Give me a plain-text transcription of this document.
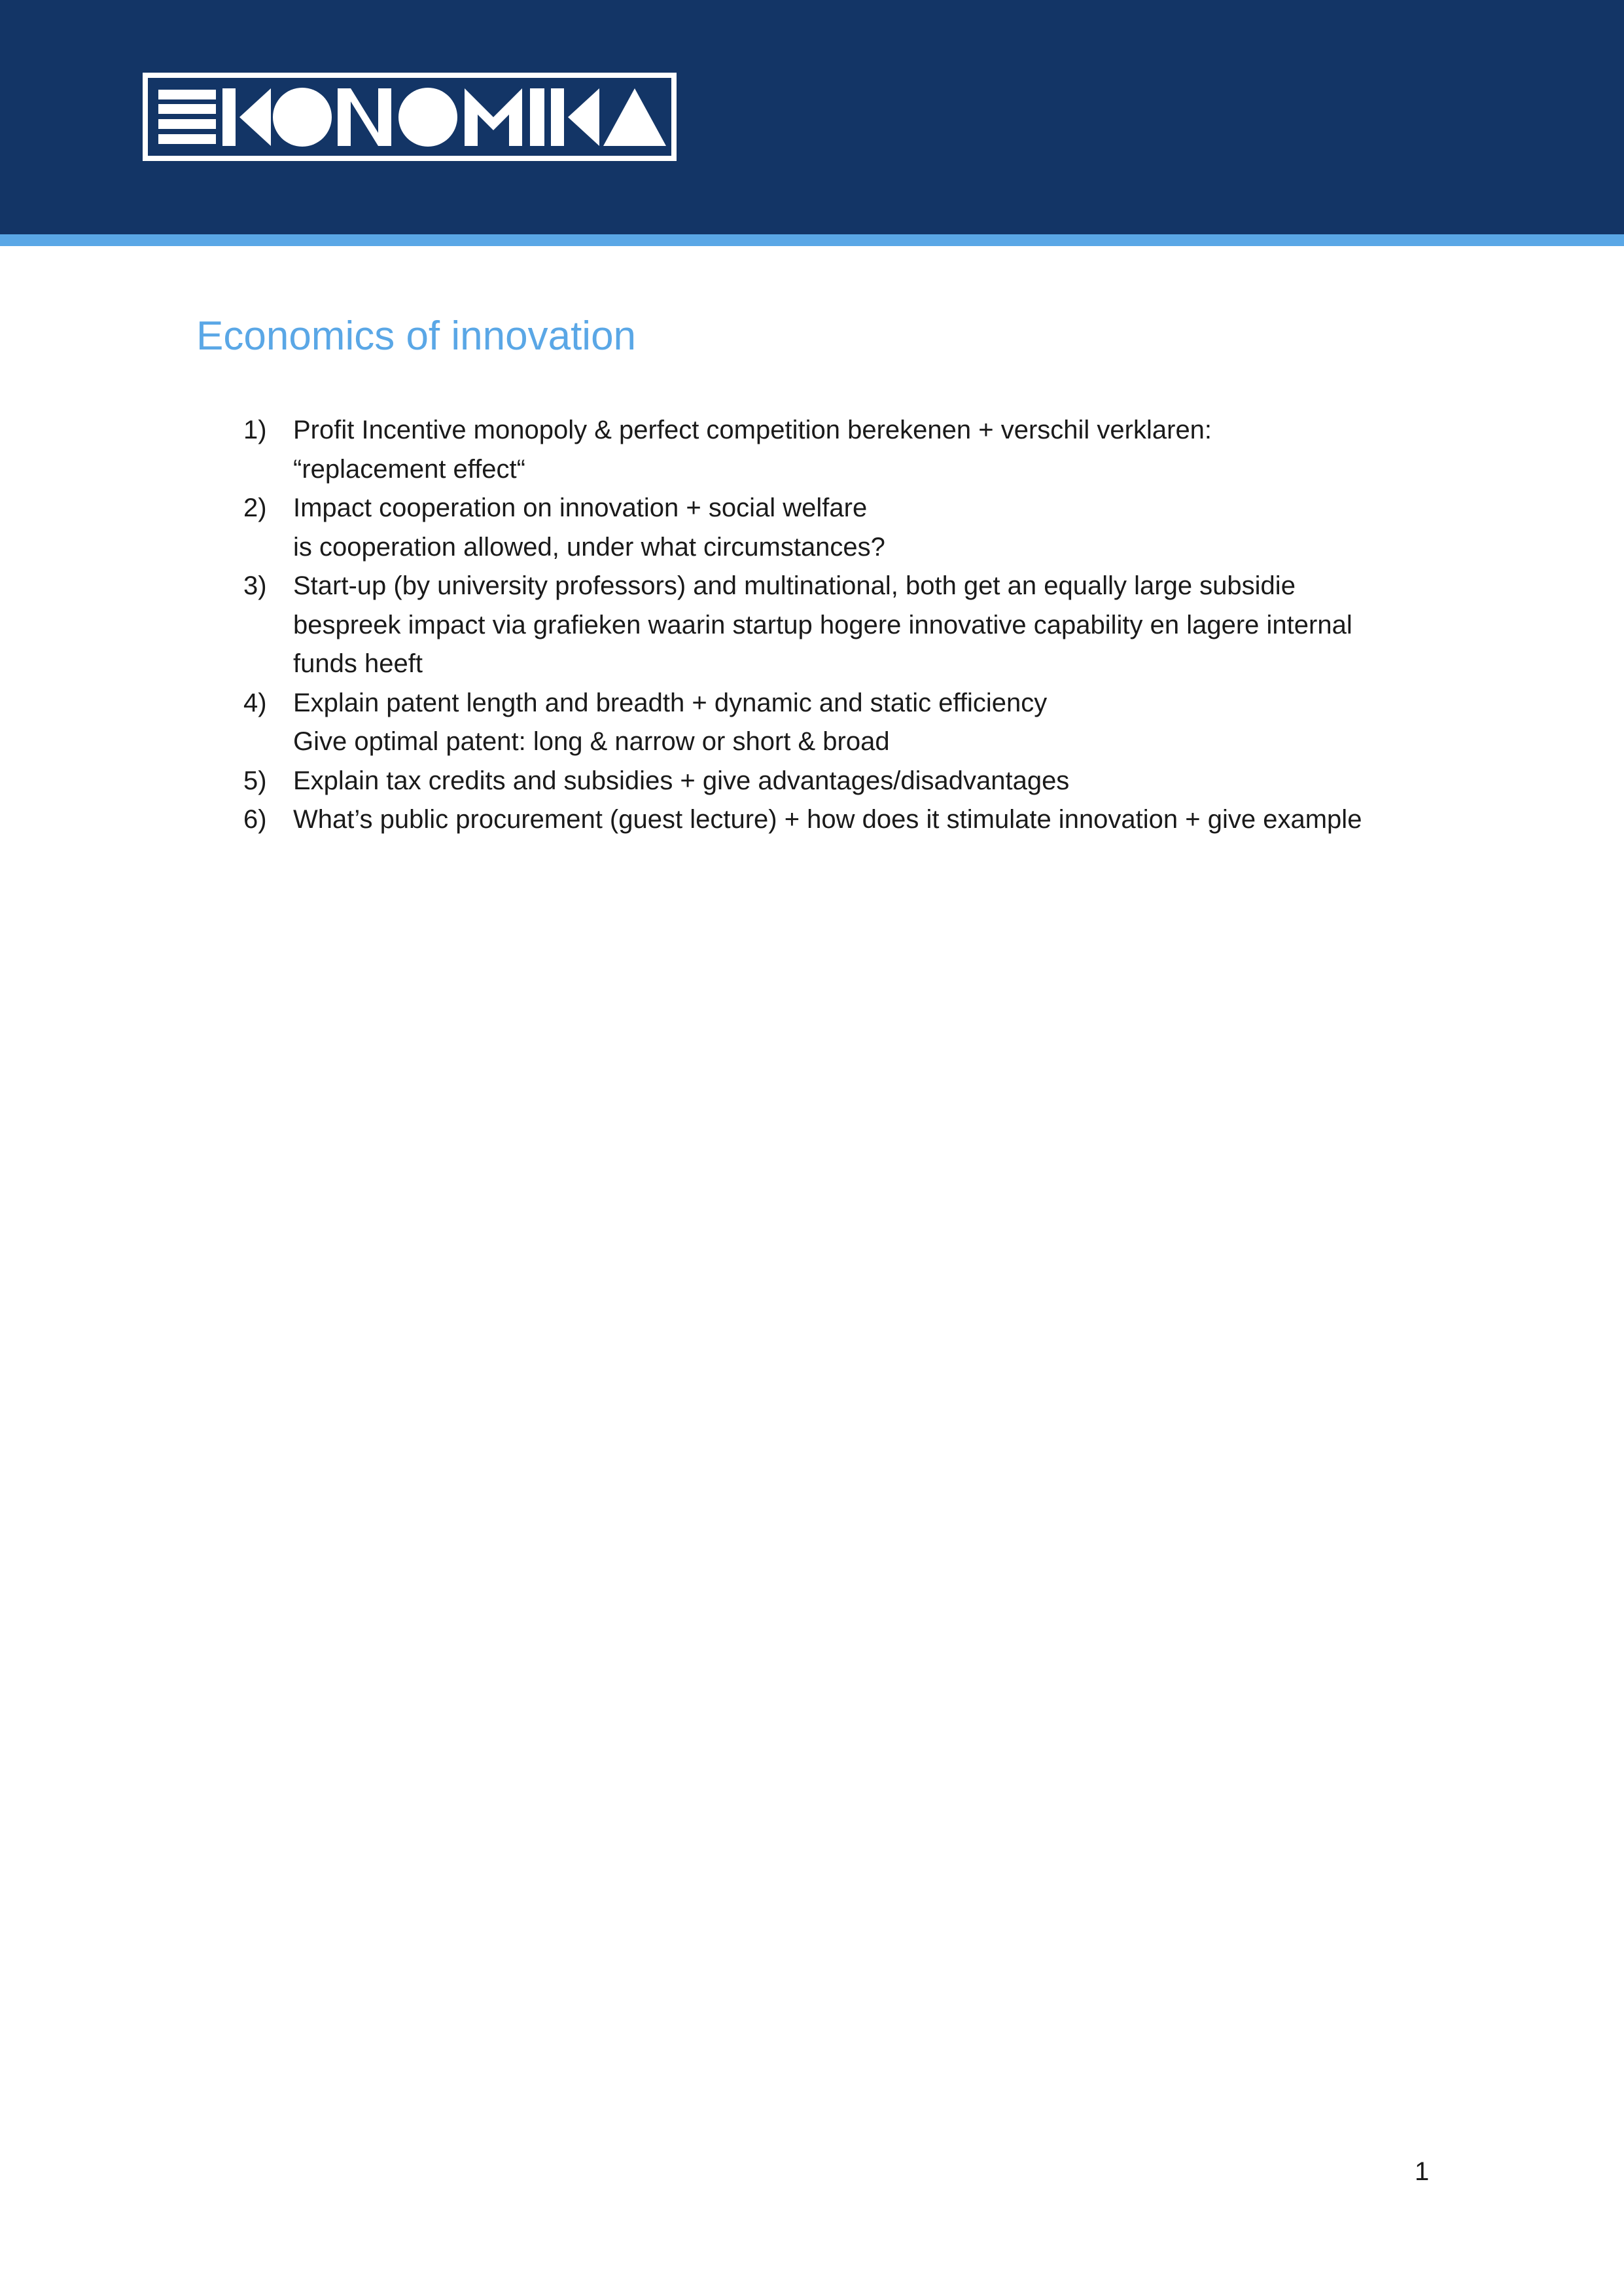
Economics of innovation
1) Profit Incentive monopoly & perfect competition berekenen + verschil verklaren:
“replacement effect“
2) Impact cooperation on innovation + social welfare
is cooperation allowed, under what circumstances?
3) Start-up (by university professors) and multinational, both get an equally large subsidie
bespreek impact via grafieken waarin startup hogere innovative capability en lagere internal
funds heeft
4) Explain patent length and breadth + dynamic and static efficiency
Give optimal patent: long & narrow or short & broad
5) Explain tax credits and subsidies + give advantages/disadvantages
6) What’s public procurement (guest lecture) + how does it stimulate innovation + give example
1
